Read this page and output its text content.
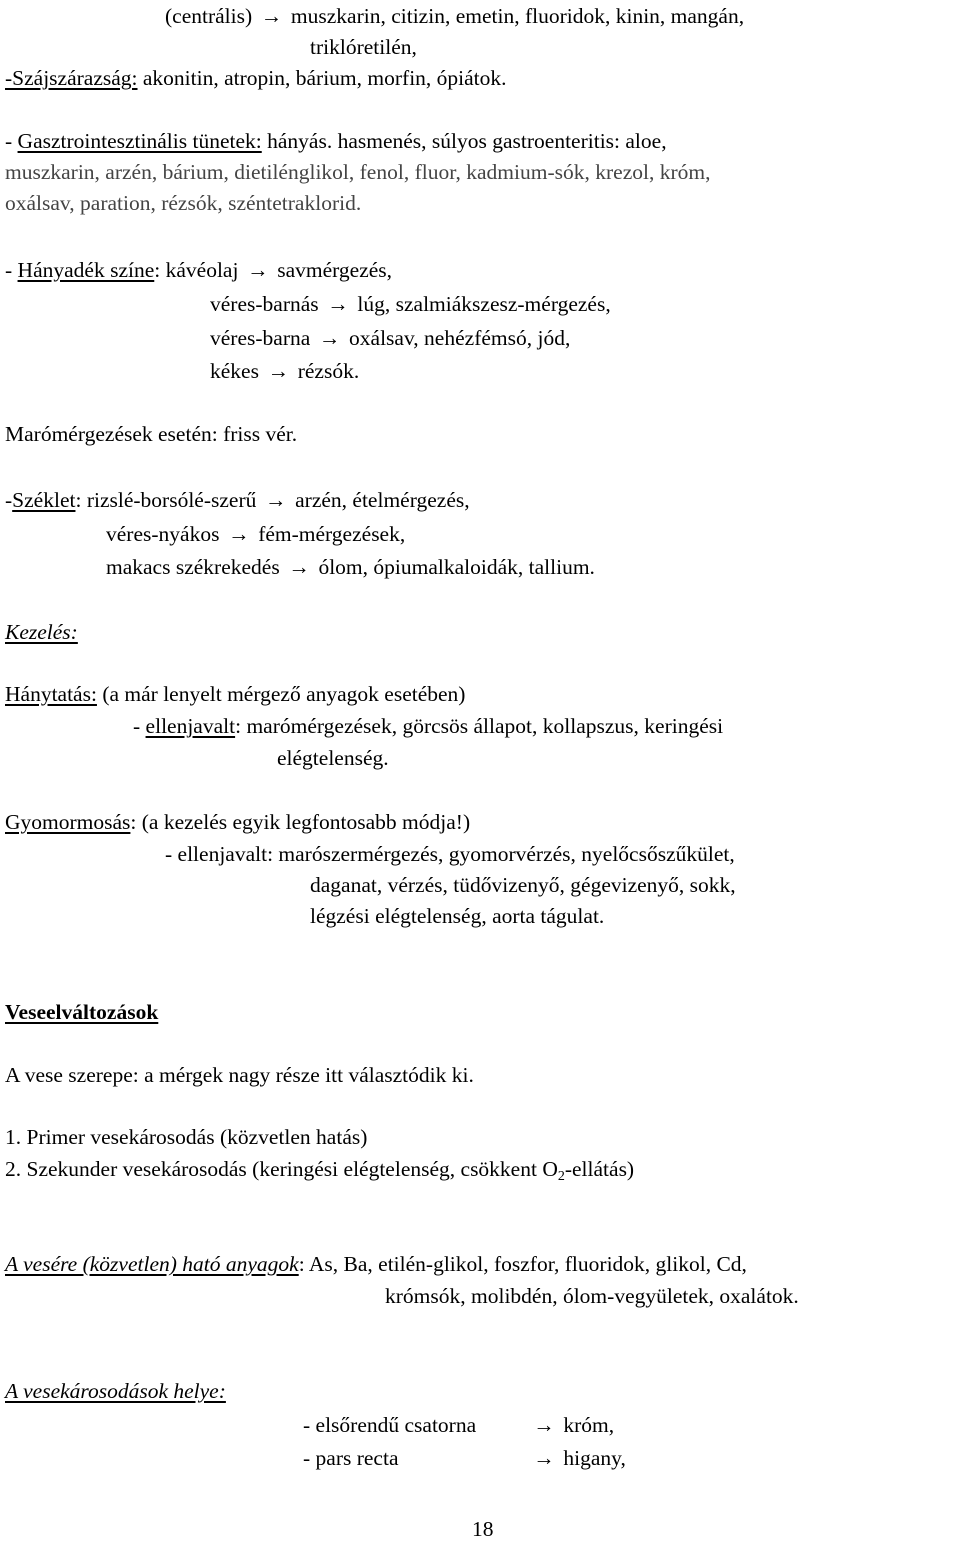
(centrális) → muszkarin, citizin, emetin, fluoridok, kinin, mangán,
triklóretilén,
-Szájszárazság: akonitin, atropin, bárium, morfin, ópiátok.
- Gasztrointesztinális tünetek: hányás. hasmenés, súlyos gastroenteritis: aloe,
muszkarin, arzén, bárium, dietilénglikol, fenol, fluor, kadmium-sók, krezol, króm,
oxálsav, paration, rézsók, széntetraklorid.
- Hányadék színe: kávéolaj → savmérgezés,
véres-barnás → lúg, szalmiákszesz-mérgezés,
véres-barna → oxálsav, nehézfémsó, jód,
kékes → rézsók.
Marómérgezések esetén: friss vér.
-Széklet: rizslé-borsólé-szerű → arzén, ételmérgezés,
véres-nyákos → fém-mérgezések,
makacs székrekedés → ólom, ópiumalkaloidák, tallium.
Kezelés:
Hánytatás: (a már lenyelt mérgező anyagok esetében)
- ellenjavalt: marómérgezések, görcsös állapot, kollapszus, keringési
elégtelenség.
Gyomormosás: (a kezelés egyik legfontosabb módja!)
- ellenjavalt: marószermérgezés, gyomorvérzés, nyelőcsőszűkület,
daganat, vérzés, tüdővizenyő, gégevizenyő, sokk,
légzési elégtelenség, aorta tágulat.
Veseelváltozások
A vese szerepe: a mérgek nagy része itt választódik ki.
1. Primer vesekárosodás (közvetlen hatás)
2. Szekunder vesekárosodás (keringési elégtelenség, csökkent $O_2-ellátás$)
A vesére (közvetlen) ható anyagok: As, Ba, etilén-glikol, foszfor, fluoridok, glikol, Cd,
krómsók, molibdén, ólom-vegyületek, oxalátok.
A vesekárosodások helye:
- elsőrendű csatorna	→ króm,
- pars recta	→ higany,
18
